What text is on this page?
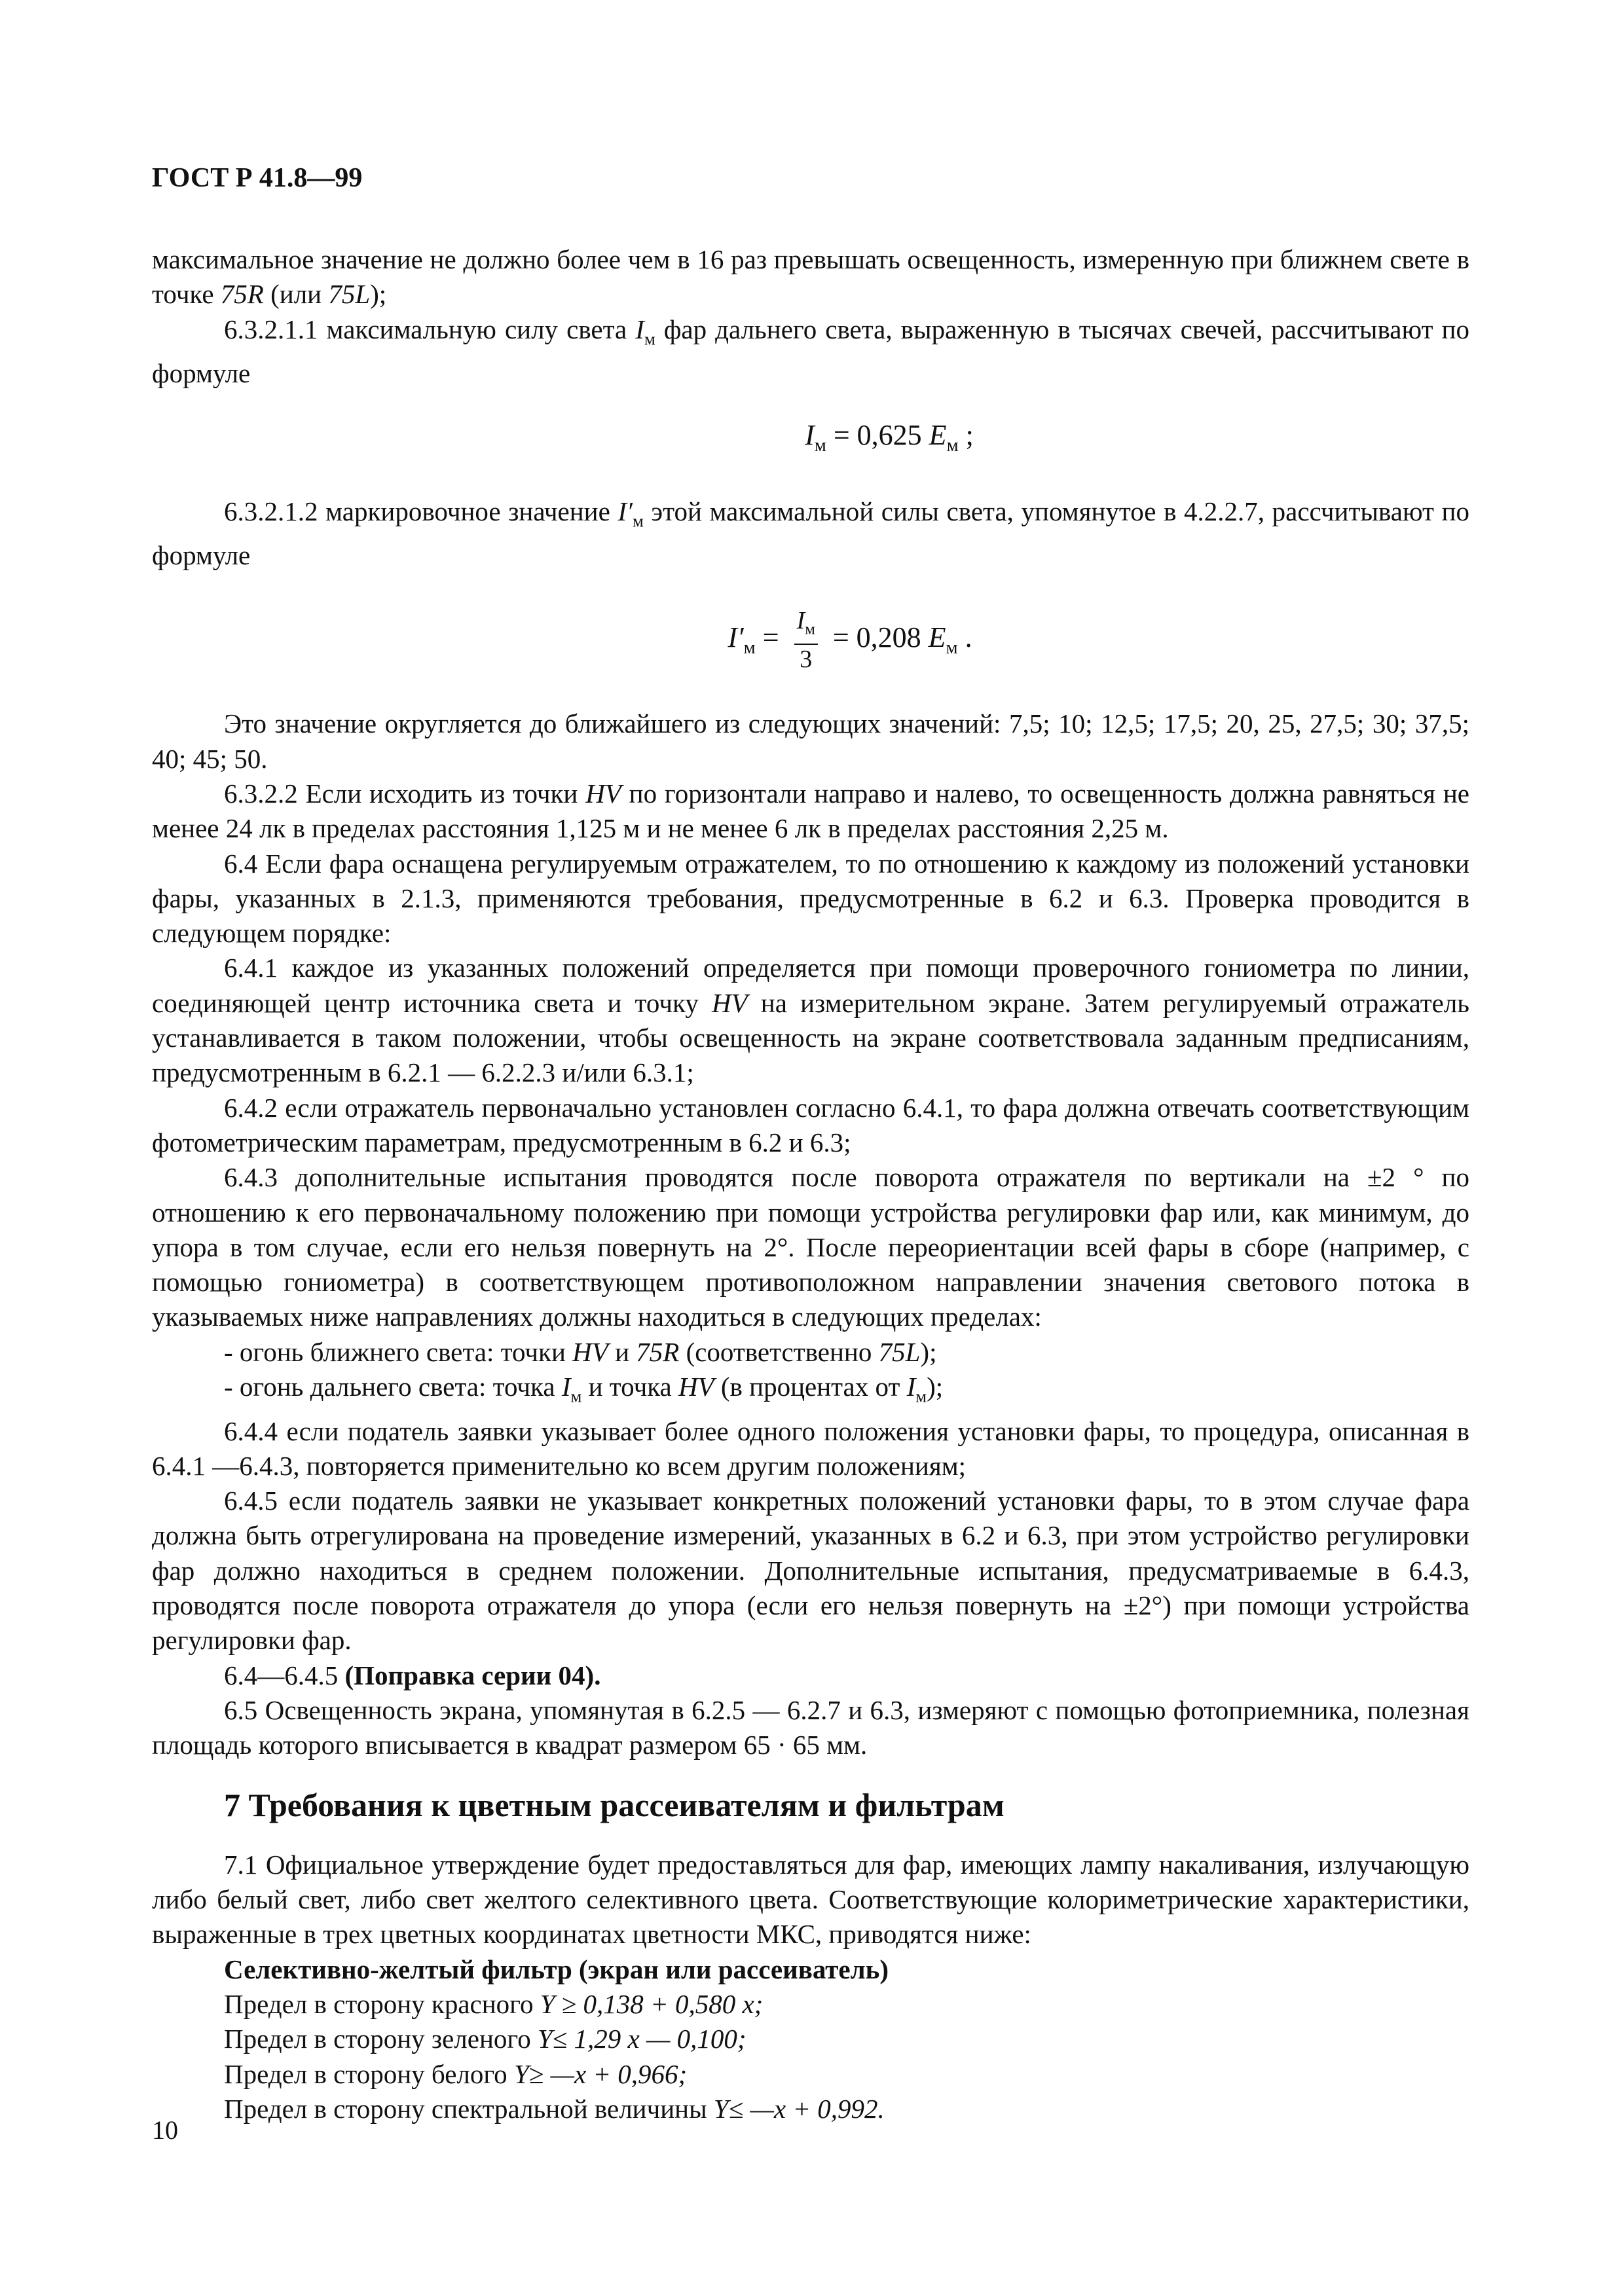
ГОСТ Р 41.8—99
максимальное значение не должно более чем в 16 раз превышать освещенность, измеренную при ближнем свете в точке 75R (или 75L);
6.3.2.1.1 максимальную силу света $I_м$ фар дальнего света, выраженную в тысячах свечей, рассчитывают по формуле
$I_м = 0,625$ $E_м$ ;
6.3.2.1.2 маркировочное значение $I'_м$ этой максимальной силы света, упомянутое в 4.2.2.7, рассчитывают по формуле
$I'_м = \frac{I_м}{3} = 0,208$ $E_м$ .
Это значение округляется до ближайшего из следующих значений: 7,5; 10; 12,5; 17,5; 20, 25, 27,5; 30; 37,5; 40; 45; 50.
6.3.2.2 Если исходить из точки HV по горизонтали направо и налево, то освещенность должна равняться не менее 24 лк в пределах расстояния 1,125 м и не менее 6 лк в пределах расстояния 2,25 м.
6.4 Если фара оснащена регулируемым отражателем, то по отношению к каждому из положений установки фары, указанных в 2.1.3, применяются требования, предусмотренные в 6.2 и 6.3. Проверка проводится в следующем порядке:
6.4.1 каждое из указанных положений определяется при помощи проверочного гониометра по линии, соединяющей центр источника света и точку HV на измерительном экране. Затем регулируемый отражатель устанавливается в таком положении, чтобы освещенность на экране соответствовала заданным предписаниям, предусмотренным в 6.2.1 — 6.2.2.3 и/или 6.3.1;
6.4.2 если отражатель первоначально установлен согласно 6.4.1, то фара должна отвечать соответствующим фотометрическим параметрам, предусмотренным в 6.2 и 6.3;
6.4.3 дополнительные испытания проводятся после поворота отражателя по вертикали на ±2 ° по отношению к его первоначальному положению при помощи устройства регулировки фар или, как минимум, до упора в том случае, если его нельзя повернуть на 2°. После переориентации всей фары в сборе (например, с помощью гониометра) в соответствующем противоположном направлении значения светового потока в указываемых ниже направлениях должны находиться в следующих пределах:
- огонь ближнего света: точки HV и 75R (соответственно 75L);
- огонь дальнего света: точка $I_м$ и точка HV (в процентах от $I_м$);
6.4.4 если податель заявки указывает более одного положения установки фары, то процедура, описанная в 6.4.1 —6.4.3, повторяется применительно ко всем другим положениям;
6.4.5 если податель заявки не указывает конкретных положений установки фары, то в этом случае фара должна быть отрегулирована на проведение измерений, указанных в 6.2 и 6.3, при этом устройство регулировки фар должно находиться в среднем положении. Дополнительные испытания, предусматриваемые в 6.4.3, проводятся после поворота отражателя до упора (если его нельзя повернуть на ±2°) при помощи устройства регулировки фар.
6.4—6.4.5 (Поправка серии 04).
6.5 Освещенность экрана, упомянутая в 6.2.5 — 6.2.7 и 6.3, измеряют с помощью фотоприемника, полезная площадь которого вписывается в квадрат размером 65 · 65 мм.
7 Требования к цветным рассеивателям и фильтрам
7.1 Официальное утверждение будет предоставляться для фар, имеющих лампу накаливания, излучающую либо белый свет, либо свет желтого селективного цвета. Соответствующие колориметрические характеристики, выраженные в трех цветных координатах цветности МКС, приводятся ниже:
Селективно-желтый фильтр (экран или рассеиватель)
Предел в сторону красного Y ≥ 0,138 + 0,580 x;
Предел в сторону зеленого Y≤ 1,29 x — 0,100;
Предел в сторону белого Y≥ —x + 0,966;
Предел в сторону спектральной величины Y≤ —x + 0,992.
10
